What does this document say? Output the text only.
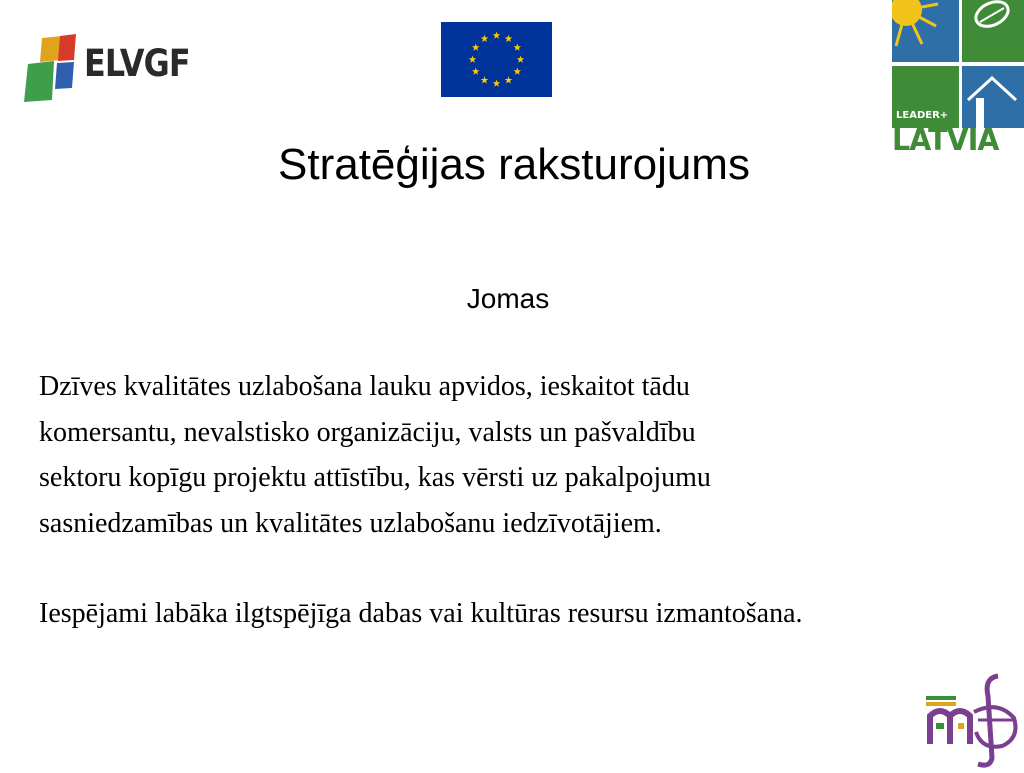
ELVGF
LEADER+
LATVIA
Stratēģijas raksturojums
Jomas

Dzīves kvalitātes uzlabošana lauku apvidos, ieskaitot tādu
komersantu, nevalstisko organizāciju, valsts un pašvaldību
sektoru kopīgu projektu attīstību, kas vērsti uz pakalpojumu
sasniedzamības un kvalitātes uzlabošanu iedzīvotājiem.

Iespējami labāka ilgtspējīga dabas vai kultūras resursu izmantošana.
